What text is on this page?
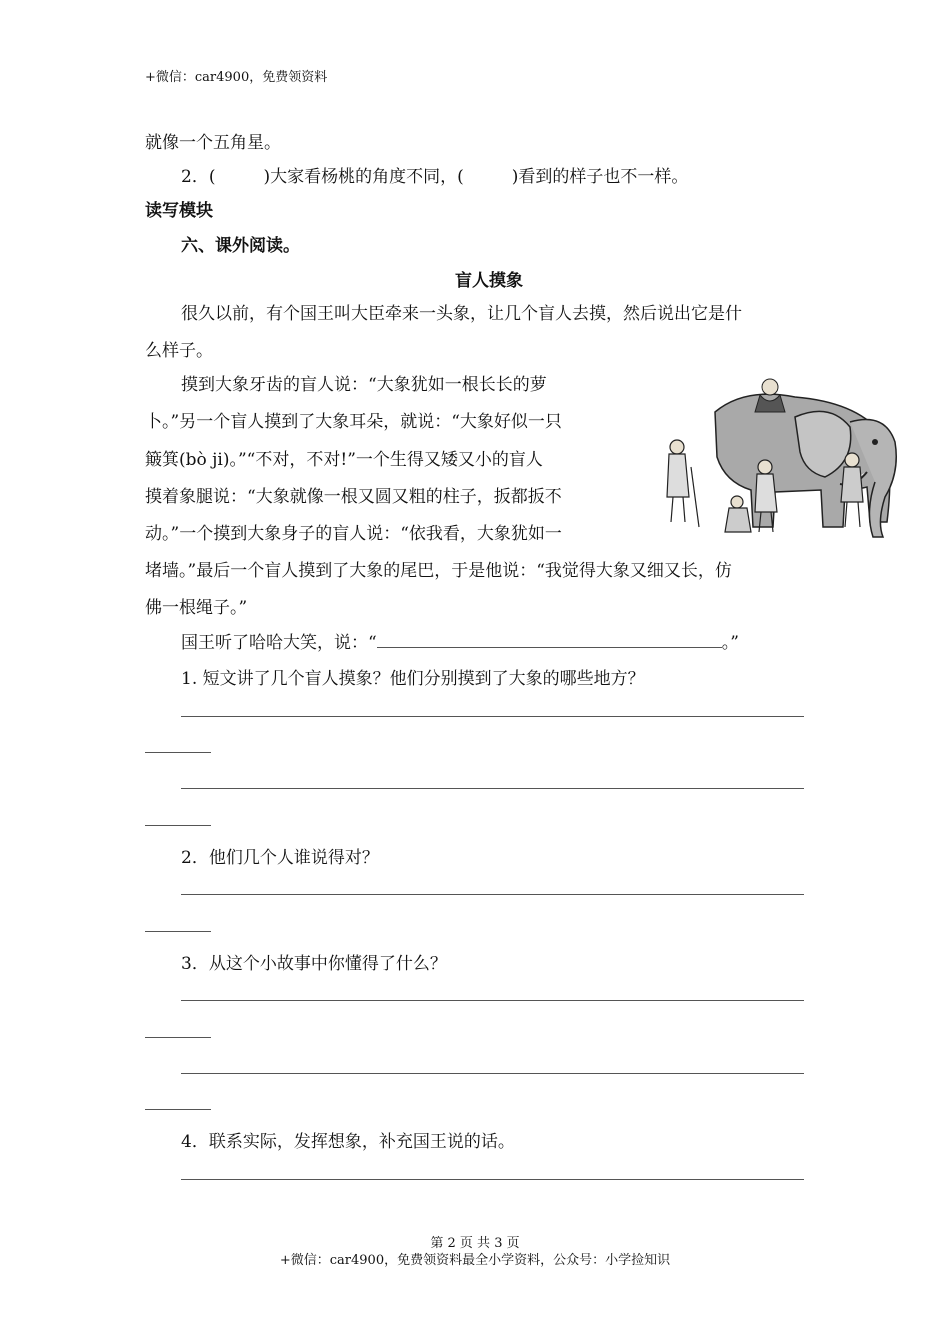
+微信：car4900，免费领资料
就像一个五角星。
2．(	)大家看杨桃的角度不同，(	)看到的样子也不一样。
读写模块
六、课外阅读。
盲人摸象
很久以前，有个国王叫大臣牵来一头象，让几个盲人去摸，然后说出它是什
么样子。
摸到大象牙齿的盲人说：“大象犹如一根长长的萝
卜。”另一个盲人摸到了大象耳朵，就说：“大象好似一只
簸箕(bò ji)。”“不对，不对!”一个生得又矮又小的盲人
摸着象腿说：“大象就像一根又圆又粗的柱子，扳都扳不
动。”一个摸到大象身子的盲人说：“依我看，大象犹如一
堵墙。”最后一个盲人摸到了大象的尾巴，于是他说：“我觉得大象又细又长，仿
佛一根绳子。”
国王听了哈哈大笑，说：“	。”
1. 短文讲了几个盲人摸象？他们分别摸到了大象的哪些地方？
2．他们几个人谁说得对？
3．从这个小故事中你懂得了什么？
4．联系实际，发挥想象，补充国王说的话。
第 2 页 共 3 页
+微信：car4900，免费领资料最全小学资料，公众号：小学捡知识
